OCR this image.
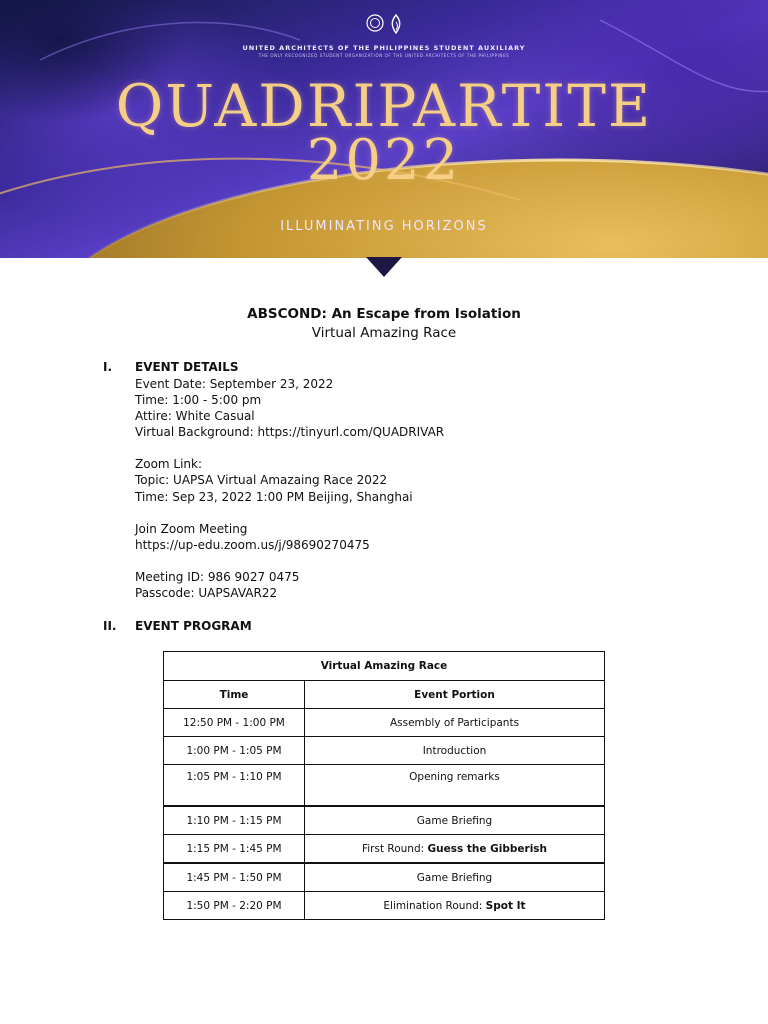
UNITED ARCHITECTS OF THE PHILIPPINES STUDENT AUXILIARY
THE ONLY RECOGNIZED STUDENT ORGANIZATION OF THE UNITED ARCHITECTS OF THE PHILIPPINES
QUADRIPARTITE
2022
ILLUMINATING HORIZONS
ABSCOND: An Escape from Isolation
Virtual Amazing Race
I. EVENT DETAILS
Event Date: September 23, 2022
Time: 1:00 - 5:00 pm
Attire: White Casual
Virtual Background: https://tinyurl.com/QUADRIVAR
Zoom Link:
Topic: UAPSA Virtual Amazaing Race 2022
Time: Sep 23, 2022 1:00 PM Beijing, Shanghai
Join Zoom Meeting
https://up-edu.zoom.us/j/98690270475
Meeting ID: 986 9027 0475
Passcode: UAPSAVAR22
II. EVENT PROGRAM
Virtual Amazing Race	
Time	Event Portion
12:50 PM - 1:00 PM	Assembly of Participants
1:00 PM - 1:05 PM	Introduction
1:05 PM - 1:10 PM	Opening remarks
1:10 PM - 1:15 PM	Game Briefing
1:15 PM - 1:45 PM	First Round: Guess the Gibberish
1:45 PM - 1:50 PM	Game Briefing
1:50 PM - 2:20 PM	Elimination Round: Spot It
